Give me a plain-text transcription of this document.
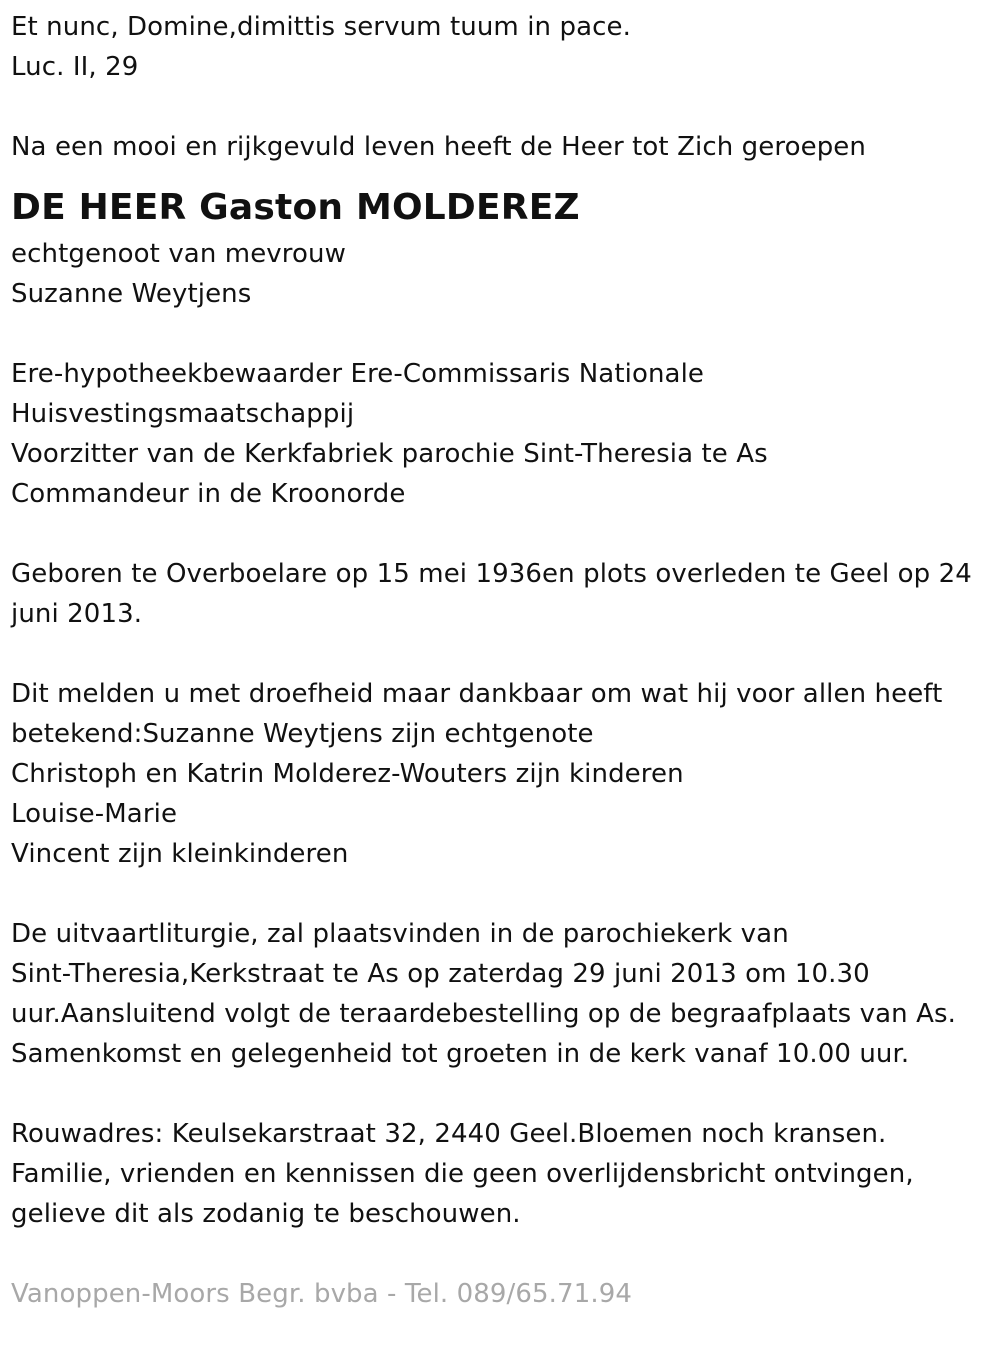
Et nunc, Domine,dimittis servum tuum in pace.
Luc. II, 29
Na een mooi en rijkgevuld leven heeft de Heer tot Zich geroepen
DE HEER Gaston MOLDEREZ
echtgenoot van mevrouw
Suzanne Weytjens
Ere-hypotheekbewaarder Ere-Commissaris Nationale
Huisvestingsmaatschappij
Voorzitter van de Kerkfabriek parochie Sint-Theresia te As
Commandeur in de Kroonorde
Geboren te Overboelare op 15 mei 1936en plots overleden te Geel op 24
juni 2013.
Dit melden u met droefheid maar dankbaar om wat hij voor allen heeft
betekend:Suzanne Weytjens zijn echtgenote
Christoph en Katrin Molderez-Wouters zijn kinderen
Louise-Marie
Vincent zijn kleinkinderen
De uitvaartliturgie, zal plaatsvinden in de parochiekerk van
Sint-Theresia,Kerkstraat te As op zaterdag 29 juni 2013 om 10.30
uur.Aansluitend volgt de teraardebestelling op de begraafplaats van As.
Samenkomst en gelegenheid tot groeten in de kerk vanaf 10.00 uur.
Rouwadres: Keulsekarstraat 32, 2440 Geel.Bloemen noch kransen.
Familie, vrienden en kennissen die geen overlijdensbricht ontvingen,
gelieve dit als zodanig te beschouwen.
Vanoppen-Moors Begr. bvba - Tel. 089/65.71.94
